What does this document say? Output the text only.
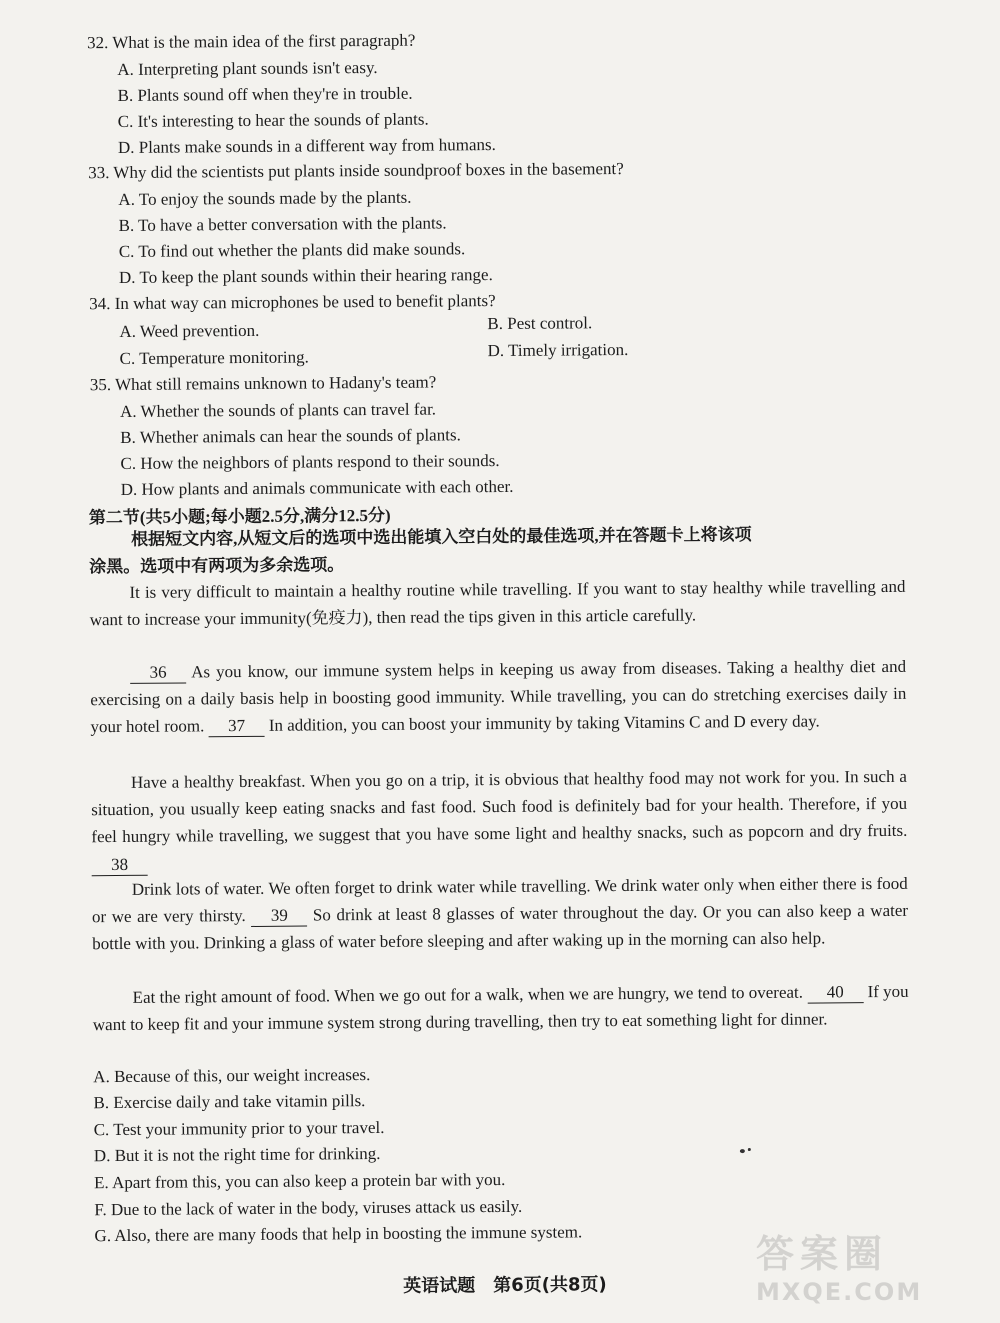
32. What is the main idea of the first paragraph?
A. Interpreting plant sounds isn't easy.
B. Plants sound off when they're in trouble.
C. It's interesting to hear the sounds of plants.
D. Plants make sounds in a different way from humans.
33. Why did the scientists put plants inside soundproof boxes in the basement?
A. To enjoy the sounds made by the plants.
B. To have a better conversation with the plants.
C. To find out whether the plants did make sounds.
D. To keep the plant sounds within their hearing range.
34. In what way can microphones be used to benefit plants?
A. Weed prevention.	B. Pest control.
C. Temperature monitoring.	D. Timely irrigation.
35. What still remains unknown to Hadany's team?
A. Whether the sounds of plants can travel far.
B. Whether animals can hear the sounds of plants.
C. How the neighbors of plants respond to their sounds.
D. How plants and animals communicate with each other.
第二节(共5小题;每小题2.5分,满分12.5分)
根据短文内容,从短文后的选项中选出能填入空白处的最佳选项,并在答题卡上将该项
涂黑。选项中有两项为多余选项。
It is very difficult to maintain a healthy routine while travelling. If you want to stay healthy while travelling and want to increase your immunity(免疫力), then read the tips given in this article carefully.
36 As you know, our immune system helps in keeping us away from diseases. Taking a healthy diet and exercising on a daily basis help in boosting good immunity. While travelling, you can do stretching exercises daily in your hotel room. 37 In addition, you can boost your immunity by taking Vitamins C and D every day.
Have a healthy breakfast. When you go on a trip, it is obvious that healthy food may not work for you. In such a situation, you usually keep eating snacks and fast food. Such food is definitely bad for your health. Therefore, if you feel hungry while travelling, we suggest that you have some light and healthy snacks, such as popcorn and dry fruits. 38
Drink lots of water. We often forget to drink water while travelling. We drink water only when either there is food or we are very thirsty. 39 So drink at least 8 glasses of water throughout the day. Or you can also keep a water bottle with you. Drinking a glass of water before sleeping and after waking up in the morning can also help.
Eat the right amount of food. When we go out for a walk, when we are hungry, we tend to overeat. 40 If you want to keep fit and your immune system strong during travelling, then try to eat something light for dinner.
A. Because of this, our weight increases.
B. Exercise daily and take vitamin pills.
C. Test your immunity prior to your travel.
D. But it is not the right time for drinking.
E. Apart from this, you can also keep a protein bar with you.
F. Due to the lack of water in the body, viruses attack us easily.
G. Also, there are many foods that help in boosting the immune system.
英语试题　第6页(共8页)
答案圈
MXQE.COM
